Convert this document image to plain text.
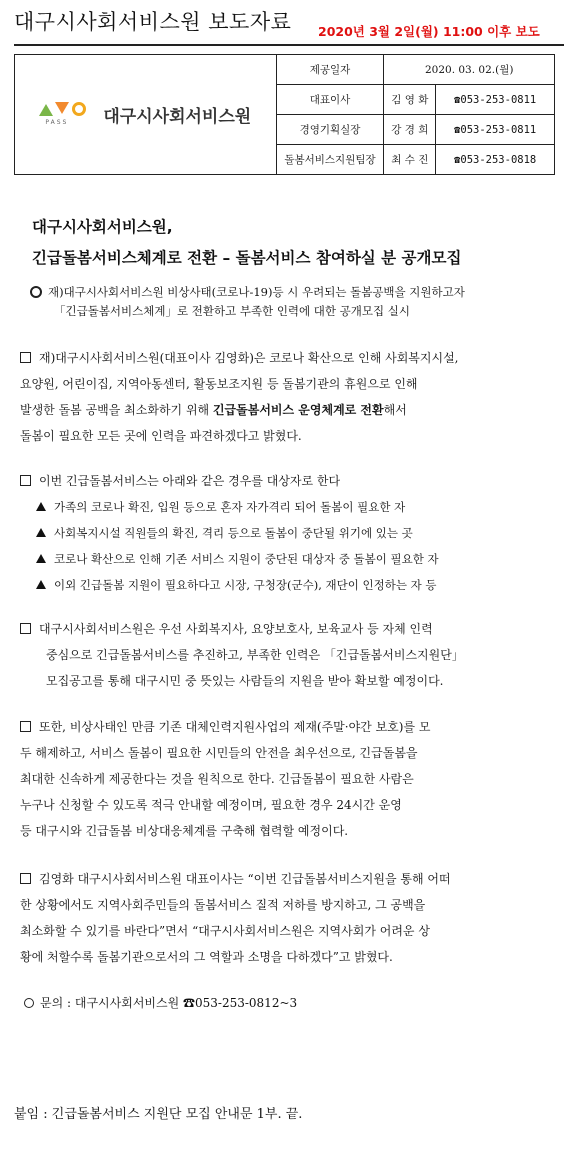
대구시사회서비스원 보도자료 2020년 3월 2일(월) 11:00 이후 보도
PASS 대구시사회서비스원	제공일자	2020. 03. 02.(월)	
	대표이사	김 영 화	☎053-253-0811
	경영기획실장	강 경 희	☎053-253-0811
	돌봄서비스지원팀장	최 수 진	☎053-253-0818
대구시사회서비스원,
긴급돌봄서비스체계로 전환 – 돌봄서비스 참여하실 분 공개모집
재)대구시사회서비스원 비상사태(코로나-19)등 시 우려되는 돌봄공백을 지원하고자
「긴급돌봄서비스체계」로 전환하고 부족한 인력에 대한 공개모집 실시
재)대구시사회서비스원(대표이사 김영화)은 코로나 확산으로 인해 사회복지시설,
요양원, 어린이집, 지역아동센터, 활동보조지원 등 돌봄기관의 휴원으로 인해
발생한 돌봄 공백을 최소화하기 위해 긴급돌봄서비스 운영체계로 전환해서
돌봄이 필요한 모든 곳에 인력을 파견하겠다고 밝혔다.
이번 긴급돌봄서비스는 아래와 같은 경우를 대상자로 한다
가족의 코로나 확진, 입원 등으로 혼자 자가격리 되어 돌봄이 필요한 자
사회복지시설 직원들의 확진, 격리 등으로 돌봄이 중단될 위기에 있는 곳
코로나 확산으로 인해 기존 서비스 지원이 중단된 대상자 중 돌봄이 필요한 자
이외 긴급돌봄 지원이 필요하다고 시장, 구청장(군수), 재단이 인정하는 자 등
대구시사회서비스원은 우선 사회복지사, 요양보호사, 보육교사 등 자체 인력
중심으로 긴급돌봄서비스를 추진하고, 부족한 인력은 「긴급돌봄서비스지원단」
모집공고를 통해 대구시민 중 뜻있는 사람들의 지원을 받아 확보할 예정이다.
또한, 비상사태인 만큼 기존 대체인력지원사업의 제재(주말·야간 보호)를 모
두 해제하고, 서비스 돌봄이 필요한 시민들의 안전을 최우선으로, 긴급돌봄을
최대한 신속하게 제공한다는 것을 원칙으로 한다. 긴급돌봄이 필요한 사람은
누구나 신청할 수 있도록 적극 안내할 예정이며, 필요한 경우 24시간 운영
등 대구시와 긴급돌봄 비상대응체계를 구축해 협력할 예정이다.
김영화 대구시사회서비스원 대표이사는 “이번 긴급돌봄서비스지원을 통해 어떠
한 상황에서도 지역사회주민들의 돌봄서비스 질적 저하를 방지하고, 그 공백을
최소화할 수 있기를 바란다”면서 “대구시사회서비스원은 지역사회가 어려운 상
황에 처할수록 돌봄기관으로서의 그 역할과 소명을 다하겠다”고 밝혔다.
문의 : 대구시사회서비스원 ☎053-253-0812~3
붙임 : 긴급돌봄서비스 지원단 모집 안내문 1부. 끝.
